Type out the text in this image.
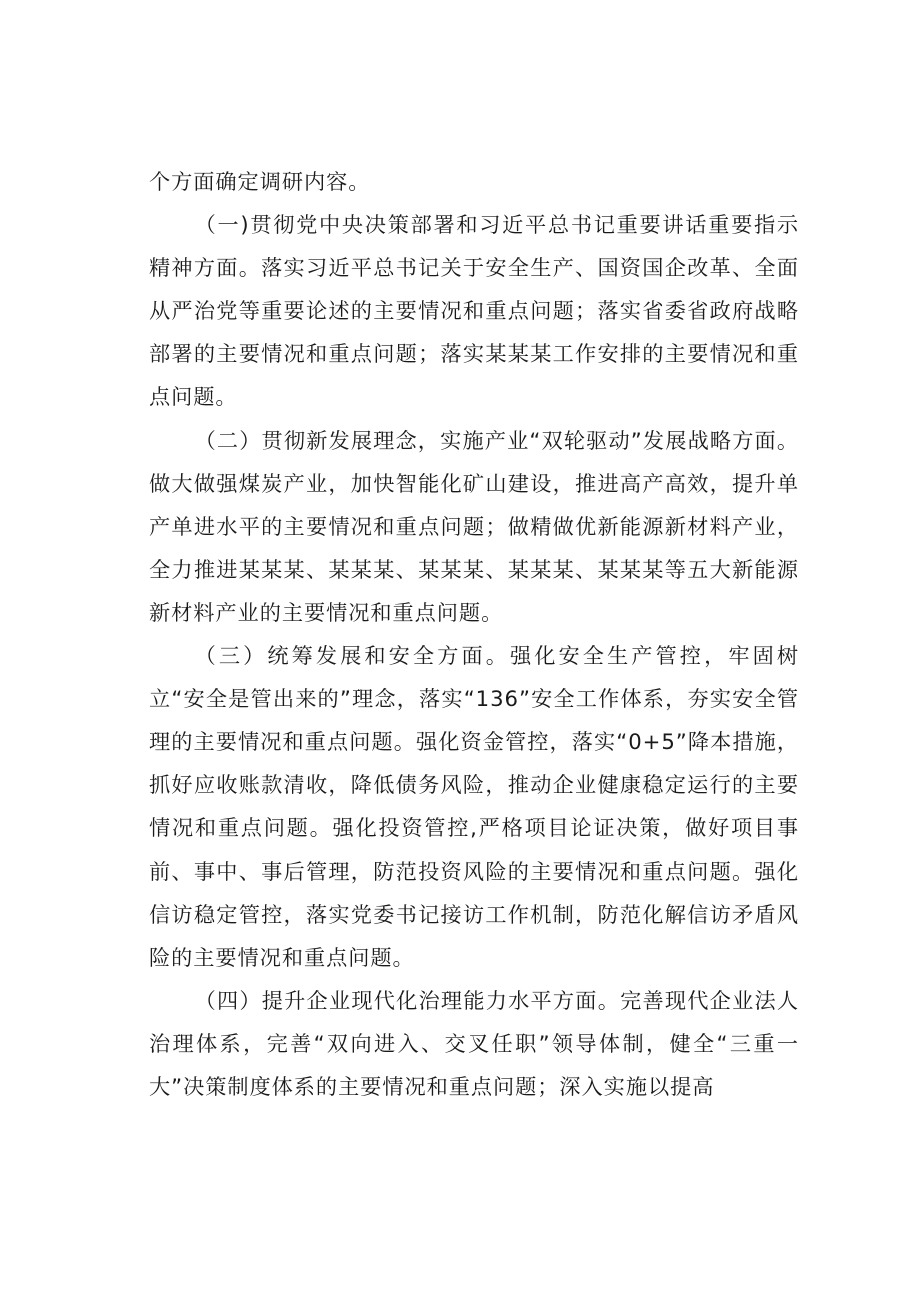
个方面确定调研内容。

（一)贯彻党中央决策部署和习近平总书记重要讲话重要指示精神方面。落实习近平总书记关于安全生产、国资国企改革、全面从严治党等重要论述的主要情况和重点问题；落实省委省政府战略部署的主要情况和重点问题；落实某某某工作安排的主要情况和重点问题。

（二）贯彻新发展理念，实施产业“双轮驱动”发展战略方面。做大做强煤炭产业，加快智能化矿山建设，推进高产高效，提升单产单进水平的主要情况和重点问题；做精做优新能源新材料产业，全力推进某某某、某某某、某某某、某某某、某某某等五大新能源新材料产业的主要情况和重点问题。

（三）统筹发展和安全方面。强化安全生产管控，牢固树立“安全是管出来的”理念，落实“136”安全工作体系，夯实安全管理的主要情况和重点问题。强化资金管控，落实“0+5”降本措施，抓好应收账款清收，降低债务风险，推动企业健康稳定运行的主要情况和重点问题。强化投资管控,严格项目论证决策，做好项目事前、事中、事后管理，防范投资风险的主要情况和重点问题。强化信访稳定管控，落实党委书记接访工作机制，防范化解信访矛盾风险的主要情况和重点问题。

（四）提升企业现代化治理能力水平方面。完善现代企业法人治理体系，完善“双向进入、交叉任职”领导体制，健全“三重一大”决策制度体系的主要情况和重点问题；深入实施以提高
